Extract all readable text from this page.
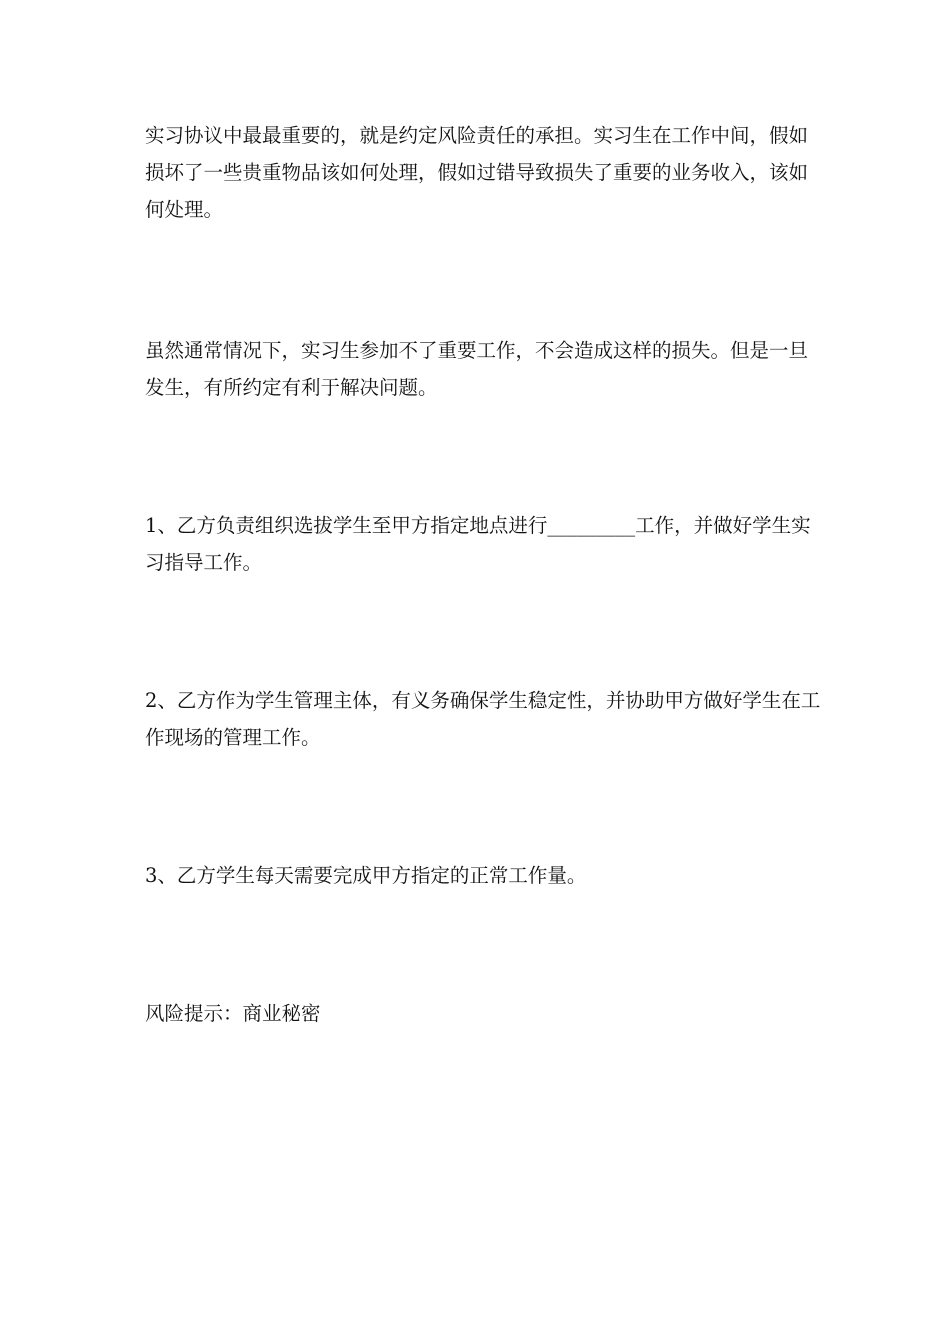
实习协议中最最重要的，就是约定风险责任的承担。实习生在工作中间，假如
损坏了一些贵重物品该如何处理，假如过错导致损失了重要的业务收入，该如
何处理。

虽然通常情况下，实习生参加不了重要工作，不会造成这样的损失。但是一旦
发生，有所约定有利于解决问题。

1、乙方负责组织选拔学生至甲方指定地点进行_________工作，并做好学生实
习指导工作。

2、乙方作为学生管理主体，有义务确保学生稳定性，并协助甲方做好学生在工
作现场的管理工作。

3、乙方学生每天需要完成甲方指定的正常工作量。

风险提示：商业秘密
